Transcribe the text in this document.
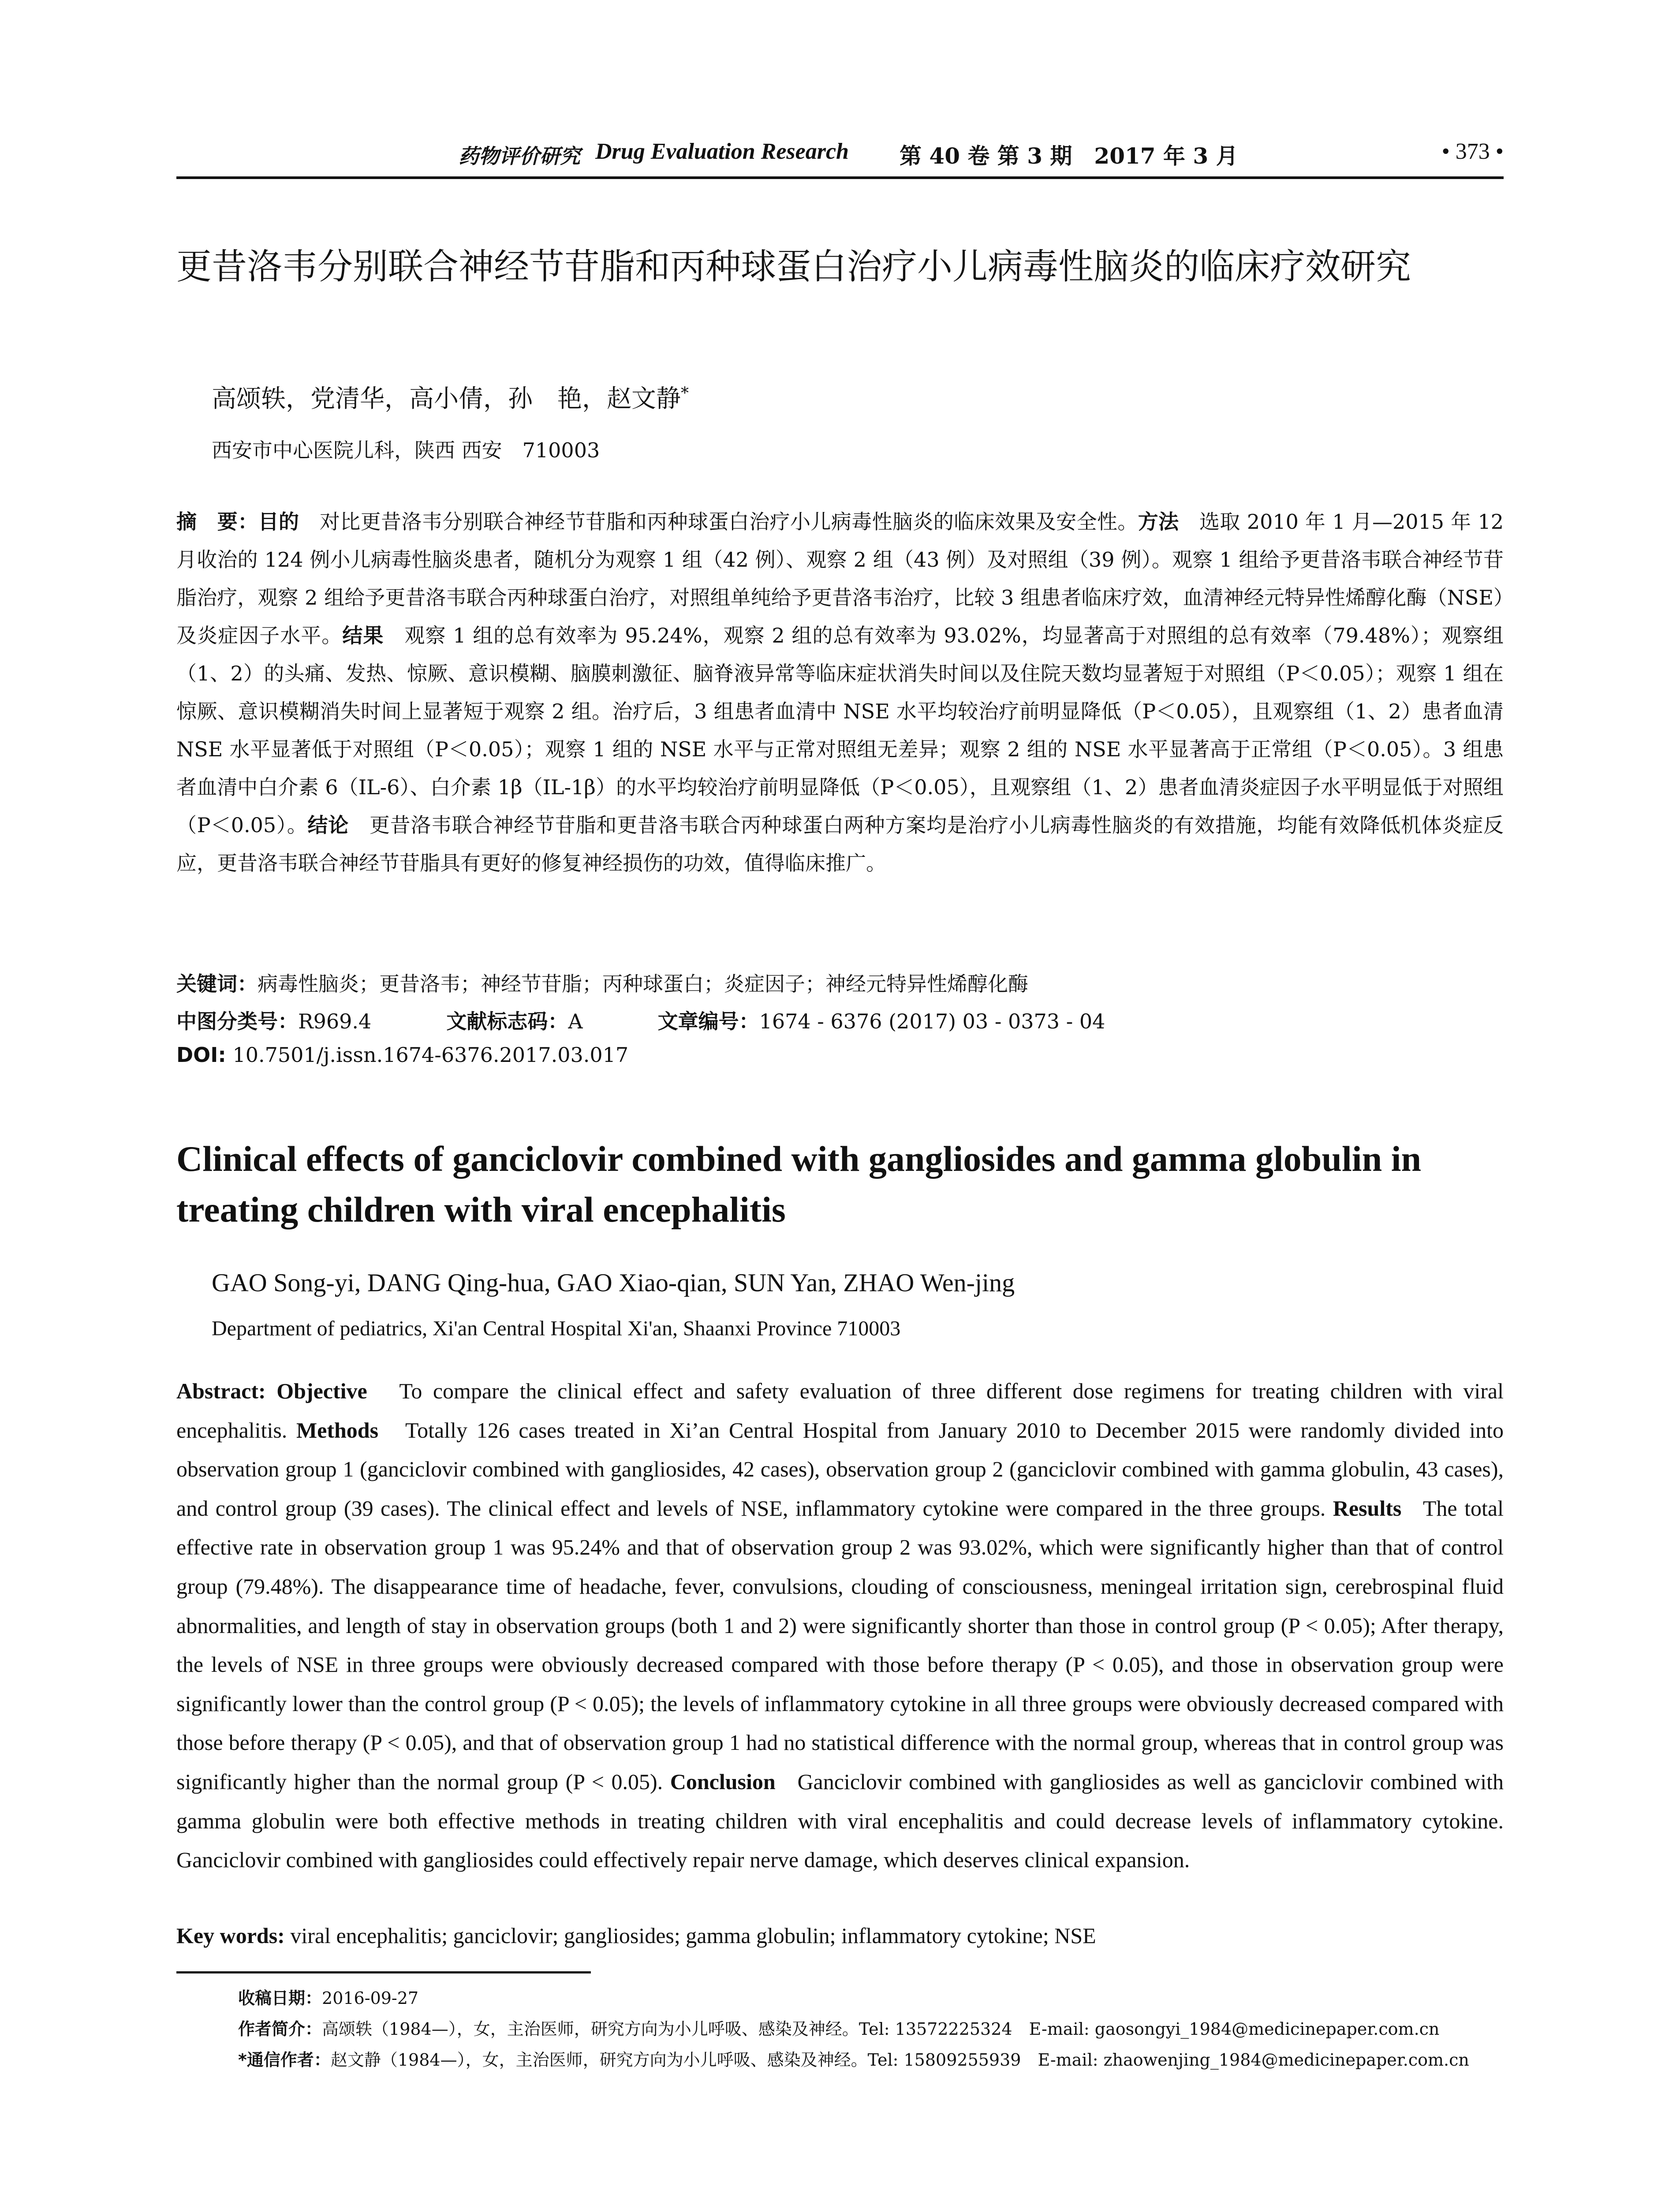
药物评价研究 Drug Evaluation Research 第 40 卷 第 3 期　2017 年 3 月	• 373 •
更昔洛韦分别联合神经节苷脂和丙种球蛋白治疗小儿病毒性脑炎的临床疗效研究
高颂轶，党清华，高小倩，孙　艳，赵文静*
西安市中心医院儿科，陕西 西安　710003

摘　要：目的　 对比更昔洛韦分别联合神经节苷脂和丙种球蛋白治疗小儿病毒性脑炎的临床效果及安全性。方法　 选取 2010 年 1 月—2015 年 12 月收治的 124 例小儿病毒性脑炎患者，随机分为观察 1 组（42 例）、观察 2 组（43 例）及对照组（39 例）。观察 1 组给予更昔洛韦联合神经节苷脂治疗，观察 2 组给予更昔洛韦联合丙种球蛋白治疗，对照组单纯给予更昔洛韦治疗，比较 3 组患者临床疗效，血清神经元特异性烯醇化酶（NSE）及炎症因子水平。结果　 观察 1 组的总有效率为 95.24%，观察 2 组的总有效率为 93.02%，均显著高于对照组的总有效率（79.48%）；观察组（1、2）的头痛、发热、惊厥、意识模糊、脑膜刺激征、脑脊液异常等临床症状消失时间以及住院天数均显著短于对照组（P＜0.05）；观察 1 组在惊厥、意识模糊消失时间上显著短于观察 2 组。治疗后，3 组患者血清中 NSE 水平均较治疗前明显降低（P＜0.05），且观察组（1、2）患者血清 NSE 水平显著低于对照组（P＜0.05）；观察 1 组的 NSE 水平与正常对照组无差异；观察 2 组的 NSE 水平显著高于正常组（P＜0.05）。3 组患者血清中白介素 6（IL-6）、白介素 1β（IL-1β）的水平均较治疗前明显降低（P＜0.05），且观察组（1、2）患者血清炎症因子水平明显低于对照组（P＜0.05）。结论　 更昔洛韦联合神经节苷脂和更昔洛韦联合丙种球蛋白两种方案均是治疗小儿病毒性脑炎的有效措施，均能有效降低机体炎症反应，更昔洛韦联合神经节苷脂具有更好的修复神经损伤的功效，值得临床推广。

关键词：病毒性脑炎；更昔洛韦；神经节苷脂；丙种球蛋白；炎症因子；神经元特异性烯醇化酶
中图分类号：R969.4	文献标志码：A	文章编号：1674 - 6376 (2017) 03 - 0373 - 04
DOI: 10.7501/j.issn.1674-6376.2017.03.017
Clinical effects of ganciclovir combined with gangliosides and gamma globulin in treating children with viral encephalitis
GAO Song-yi, DANG Qing-hua, GAO Xiao-qian, SUN Yan, ZHAO Wen-jing
Department of pediatrics, Xi'an Central Hospital Xi'an, Shaanxi Province 710003

Abstract: Objective To compare the clinical effect and safety evaluation of three different dose regimens for treating children with viral encephalitis. Methods Totally 126 cases treated in Xi’an Central Hospital from January 2010 to December 2015 were randomly divided into observation group 1 (ganciclovir combined with gangliosides, 42 cases), observation group 2 (ganciclovir combined with gamma globulin, 43 cases), and control group (39 cases). The clinical effect and levels of NSE, inflammatory cytokine were compared in the three groups. Results The total effective rate in observation group 1 was 95.24% and that of observation group 2 was 93.02%, which were significantly higher than that of control group (79.48%). The disappearance time of headache, fever, convulsions, clouding of consciousness, meningeal irritation sign, cerebrospinal fluid abnormalities, and length of stay in observation groups (both 1 and 2) were significantly shorter than those in control group (P < 0.05); After therapy, the levels of NSE in three groups were obviously decreased compared with those before therapy (P < 0.05), and those in observation group were significantly lower than the control group (P < 0.05); the levels of inflammatory cytokine in all three groups were obviously decreased compared with those before therapy (P < 0.05), and that of observation group 1 had no statistical difference with the normal group, whereas that in control group was significantly higher than the normal group (P < 0.05). Conclusion Ganciclovir combined with gangliosides as well as ganciclovir combined with gamma globulin were both effective methods in treating children with viral encephalitis and could decrease levels of inflammatory cytokine. Ganciclovir combined with gangliosides could effectively repair nerve damage, which deserves clinical expansion.

Key words: viral encephalitis; ganciclovir; gangliosides; gamma globulin; inflammatory cytokine; NSE
收稿日期：2016-09-27
作者简介：高颂轶（1984—），女，主治医师，研究方向为小儿呼吸、感染及神经。Tel: 13572225324　E-mail: gaosongyi_1984@medicinepaper.com.cn
*通信作者：赵文静（1984—），女，主治医师，研究方向为小儿呼吸、感染及神经。Tel: 15809255939　E-mail: zhaowenjing_1984@medicinepaper.com.cn
